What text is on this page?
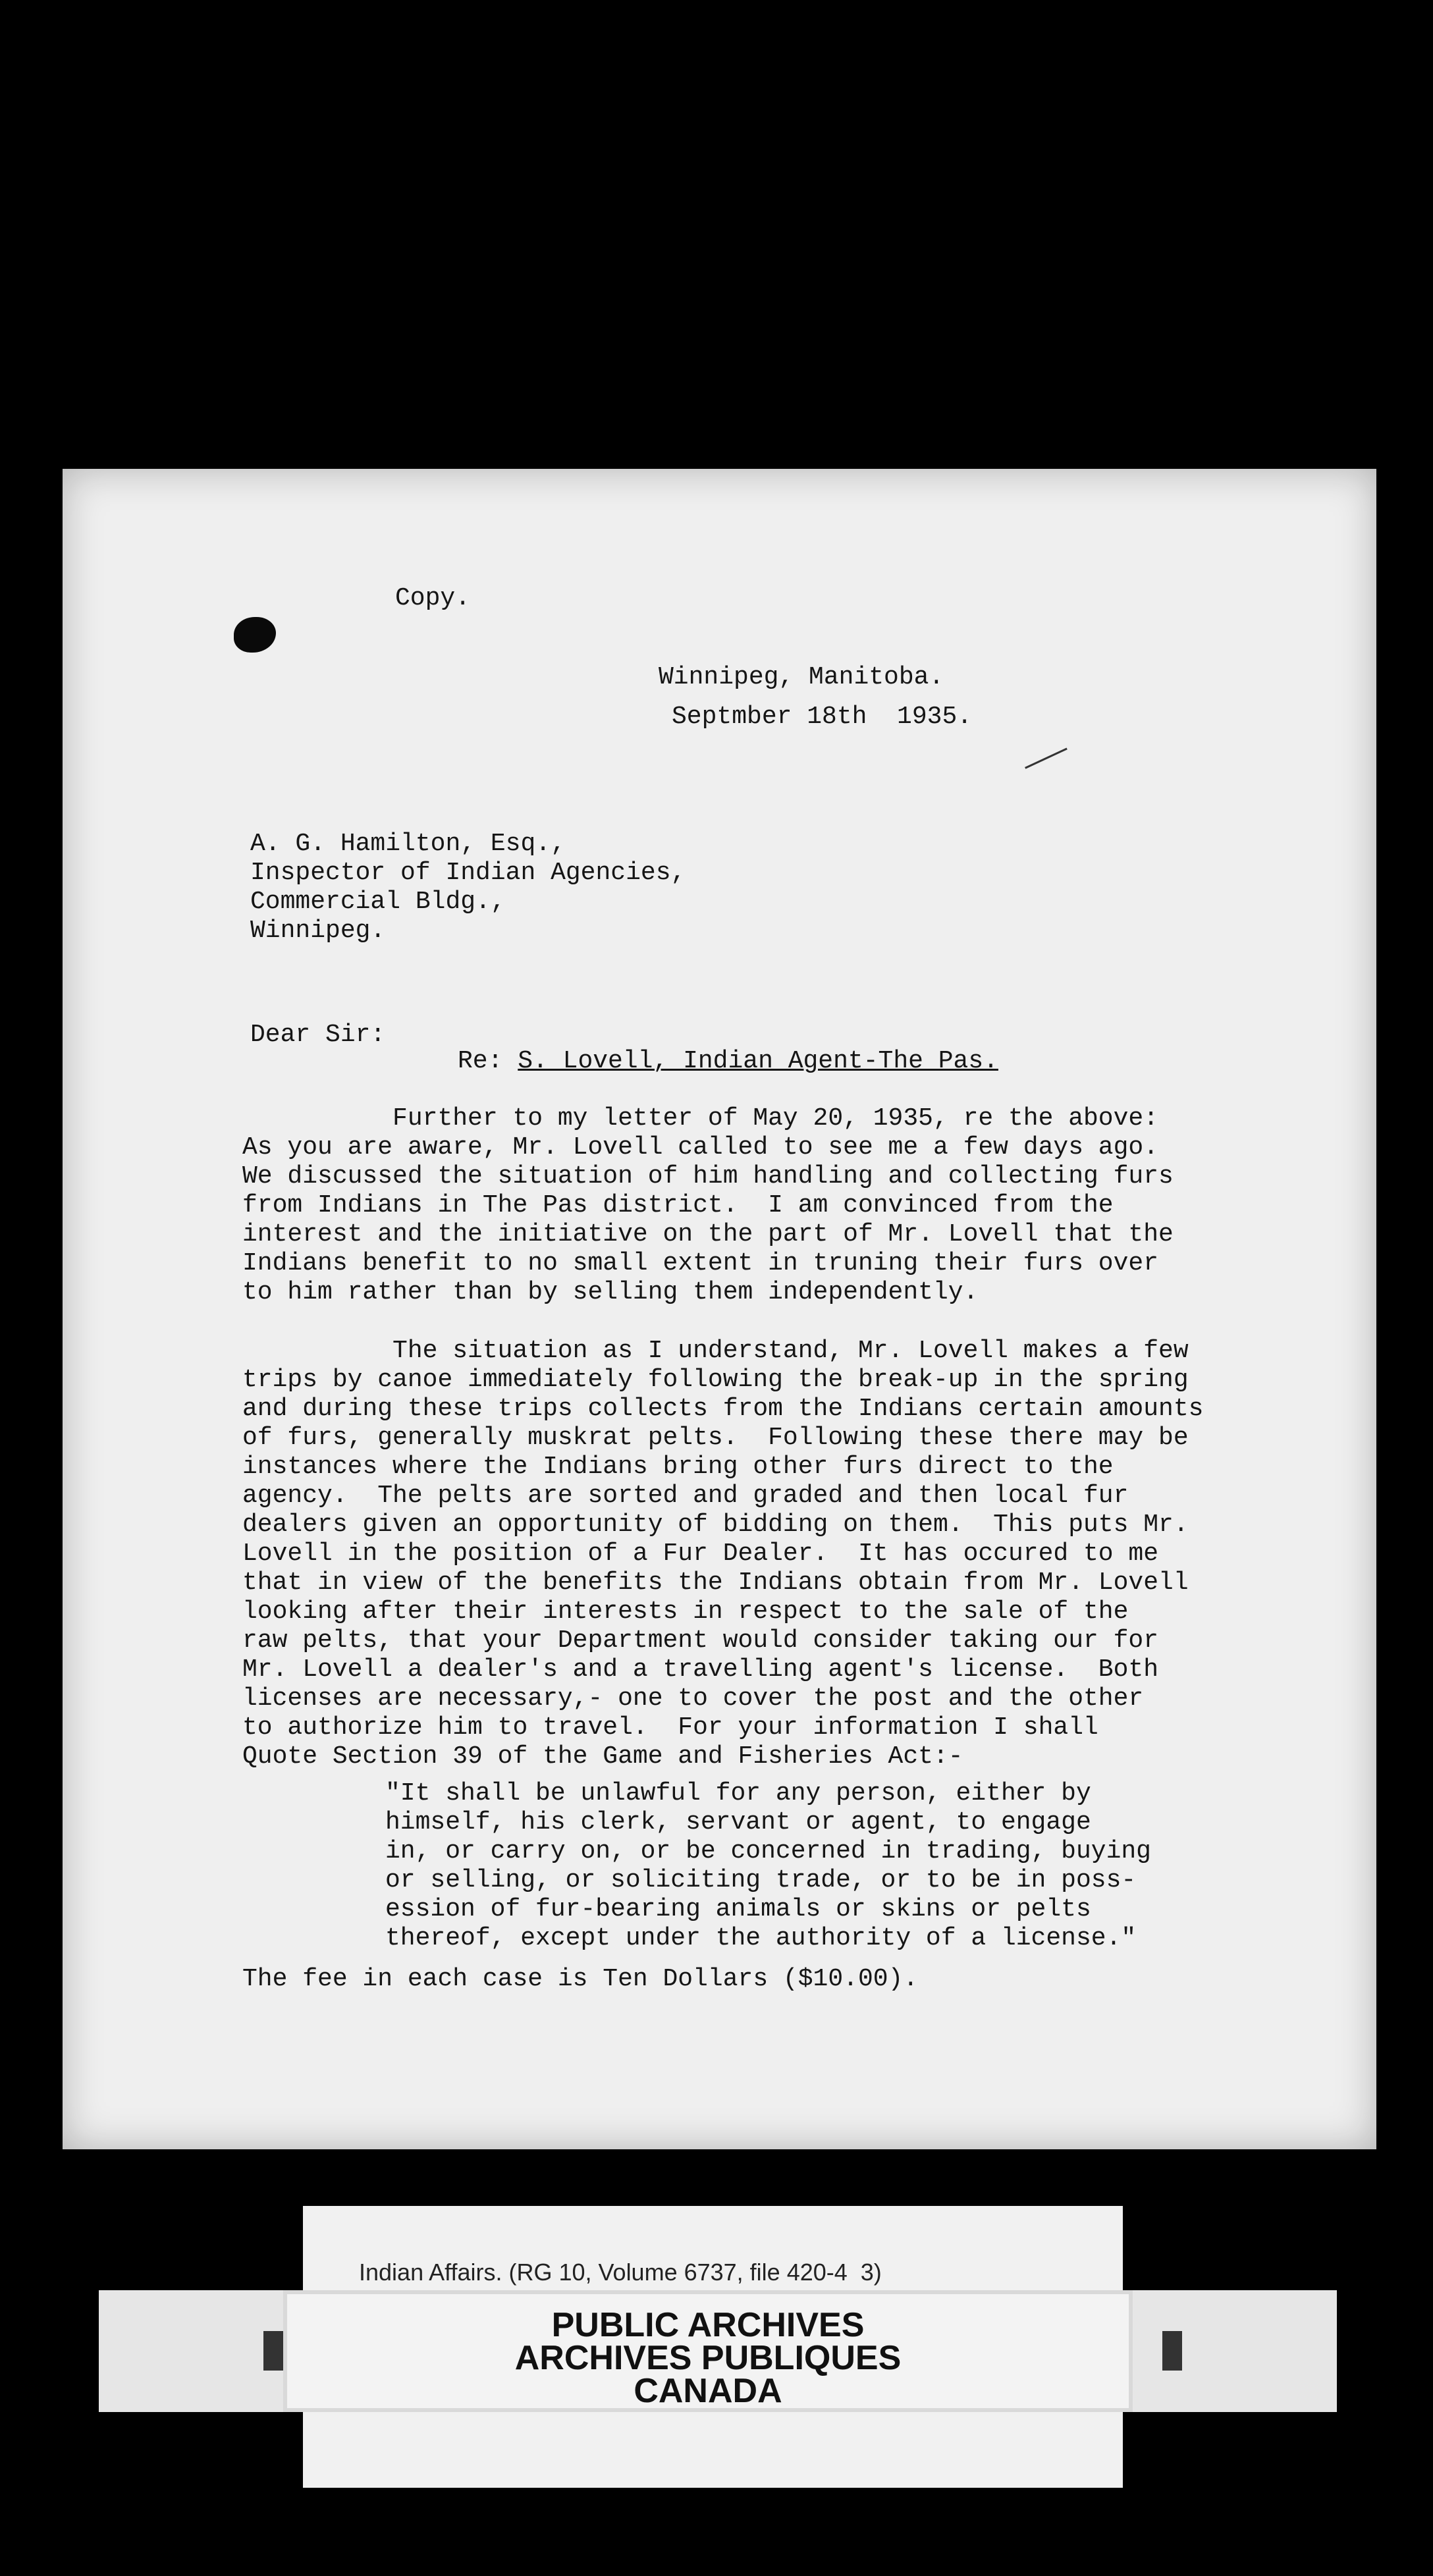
Copy.
Winnipeg, Manitoba.
Septmber 18th  1935.
A. G. Hamilton, Esq.,
Inspector of Indian Agencies,
Commercial Bldg.,
Winnipeg.
Dear Sir:
Re: S. Lovell, Indian Agent-The Pas.
Further to my letter of May 20, 1935, re the above:
As you are aware, Mr. Lovell called to see me a few days ago.
We discussed the situation of him handling and collecting furs
from Indians in The Pas district.  I am convinced from the
interest and the initiative on the part of Mr. Lovell that the
Indians benefit to no small extent in truning their furs over
to him rather than by selling them independently.
The situation as I understand, Mr. Lovell makes a few
trips by canoe immediately following the break-up in the spring
and during these trips collects from the Indians certain amounts
of furs, generally muskrat pelts.  Following these there may be
instances where the Indians bring other furs direct to the
agency.  The pelts are sorted and graded and then local fur
dealers given an opportunity of bidding on them.  This puts Mr.
Lovell in the position of a Fur Dealer.  It has occured to me
that in view of the benefits the Indians obtain from Mr. Lovell
looking after their interests in respect to the sale of the
raw pelts, that your Department would consider taking our for
Mr. Lovell a dealer's and a travelling agent's license.  Both
licenses are necessary,- one to cover the post and the other
to authorize him to travel.  For your information I shall
Quote Section 39 of the Game and Fisheries Act:-
"It shall be unlawful for any person, either by
himself, his clerk, servant or agent, to engage
in, or carry on, or be concerned in trading, buying
or selling, or soliciting trade, or to be in poss-
ession of fur-bearing animals or skins or pelts
thereof, except under the authority of a license."
The fee in each case is Ten Dollars ($10.00).
Indian Affairs. (RG 10, Volume 6737, file 420-4  3)
PUBLIC ARCHIVES
ARCHIVES PUBLIQUES
CANADA
